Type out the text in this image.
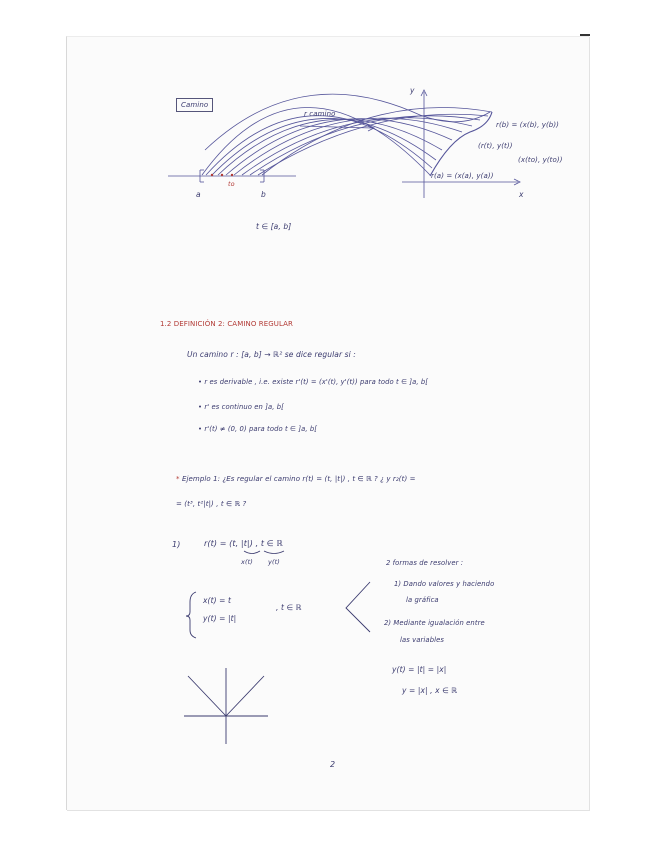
Camino
r camino
a
to
b
y
x
r(b) = (x(b), y(b))
(r(t), y(t))
(x(to), y(to))
r(a) = (x(a), y(a))
t ∈ [a, b]
1.2 DEFINICIÓN 2: CAMINO REGULAR
Un camino r : [a, b] → ℝ² se dice regular si :
• r es derivable , i.e. existe r'(t) = (x'(t), y'(t)) para todo t ∈ ]a, b[
• r' es continuo en ]a, b[
• r'(t) ≠ (0, 0) para todo t ∈ ]a, b[
* Ejemplo 1: ¿Es regular el camino r(t) = (t, |t|) , t ∈ ℝ ? ¿ y r₂(t) =
= (t³, t²|t|) , t ∈ ℝ ?
1)	r(t) = (t, |t|) , t ∈ ℝ
x(t) y(t)
x(t) = t
y(t) = |t|
, t ∈ ℝ
2 formas de resolver :
1) Dando valores y haciendo
la gráfica
2) Mediante igualación entre
las variables
y(t) = |t| = |x|
y = |x| , x ∈ ℝ
2
